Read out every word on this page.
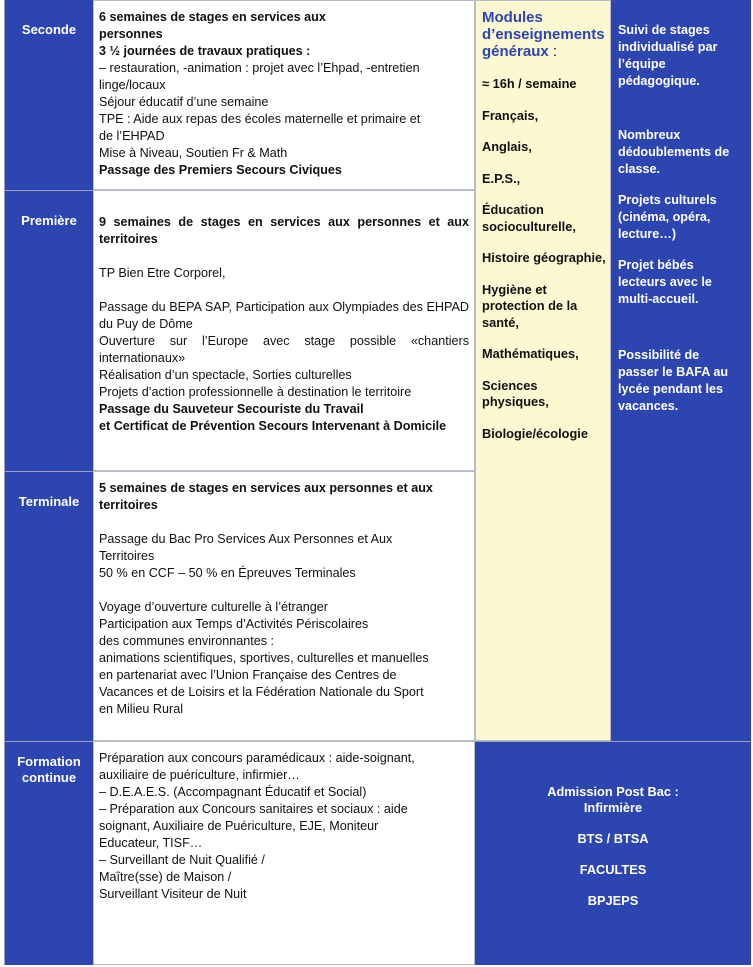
Seconde
Première
Terminale
Formation
continue

6 semaines de stages en services aux

personnes

3 ½ journées de travaux pratiques :

– restauration, -animation : projet avec l’Ehpad, -entretien

linge/locaux

Séjour éducatif d’une semaine

TPE : Aide aux repas des écoles maternelle et primaire et

de l’EHPAD

Mise à Niveau, Soutien Fr & Math

Passage des Premiers Secours Civiques

9 semaines de stages en services aux personnes et aux territoires

TP Bien Etre Corporel,

Passage du BEPA SAP, Participation aux Olympiades des EHPAD du Puy de Dôme

Ouverture sur l’Europe avec stage possible «chantiers internationaux»

Réalisation d’un spectacle, Sorties culturelles

Projets d’action professionnelle à destination le territoire

Passage du Sauveteur Secouriste du Travail

et Certificat de Prévention Secours Intervenant à Domicile

5 semaines de stages en services aux personnes et aux territoires

Passage du Bac Pro Services Aux Personnes et Aux

Territoires

50 % en CCF – 50 % en Épreuves Terminales

Voyage d’ouverture culturelle à l’étranger

Participation aux Temps d’Activités Périscolaires

des communes environnantes :

animations scientifiques, sportives, culturelles et manuelles

en partenariat avec l’Union Française des Centres de

Vacances et de Loisirs et la Fédération Nationale du Sport

en Milieu Rural

Préparation aux concours paramédicaux : aide-soignant,

auxiliaire de puériculture, infirmier…

– D.E.A.E.S. (Accompagnant Éducatif et Social)

– Préparation aux Concours sanitaires et sociaux : aide

soignant, Auxiliaire de Puériculture, EJE, Moniteur

Educateur, TISF…

– Surveillant de Nuit Qualifié /

Maître(sse) de Maison /

Surveillant Visiteur de Nuit

Modules

d’enseignements

généraux :

≈ 16h / semaine

Français,

Anglais,

E.P.S.,

Éducation socioculturelle,

Histoire géographie,

Hygiène et protection de la santé,

Mathématiques,

Sciences physiques,

Biologie/écologie

Suivi de stages individualisé par l’équipe pédagogique.

Nombreux dédoublements de classe.

Projets culturels (cinéma, opéra, lecture…)

Projet bébés lecteurs avec le multi-accueil.

Possibilité de passer le BAFA au lycée pendant les vacances.

Admission Post Bac :

Infirmière

BTS / BTSA

FACULTES

BPJEPS
